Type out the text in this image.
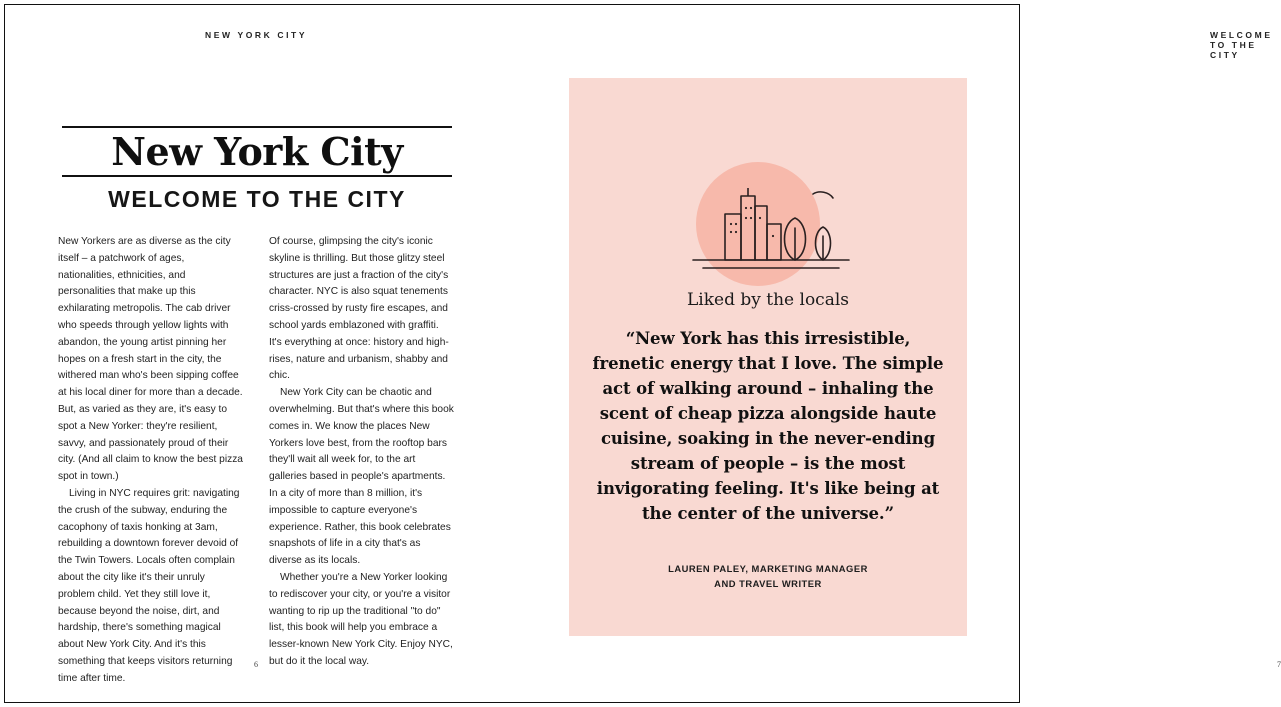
NEW YORK CITY
New York City
WELCOME TO THE CITY

New Yorkers are as diverse as the city itself – a patchwork of ages, nationalities, ethnicities, and personalities that make up this exhilarating metropolis. The cab driver who speeds through yellow lights with abandon, the young artist pinning her hopes on a fresh start in the city, the withered man who's been sipping coffee at his local diner for more than a decade. But, as varied as they are, it's easy to spot a New Yorker: they're resilient, savvy, and passionately proud of their city. (And all claim to know the best pizza spot in town.)

Living in NYC requires grit: navigating the crush of the subway, enduring the cacophony of taxis honking at 3am, rebuilding a downtown forever devoid of the Twin Towers. Locals often complain about the city like it's their unruly problem child. Yet they still love it, because beyond the noise, dirt, and hardship, there's something magical about New York City. And it's this something that keeps visitors returning time after time.

Of course, glimpsing the city's iconic skyline is thrilling. But those glitzy steel structures are just a fraction of the city's character. NYC is also squat tenements criss-crossed by rusty fire escapes, and school yards emblazoned with graffiti. It's everything at once: history and high-rises, nature and urbanism, shabby and chic.

New York City can be chaotic and overwhelming. But that's where this book comes in. We know the places New Yorkers love best, from the rooftop bars they'll wait all week for, to the art galleries based in people's apartments. In a city of more than 8 million, it's impossible to capture everyone's experience. Rather, this book celebrates snapshots of life in a city that's as diverse as its locals.

Whether you're a New Yorker looking to rediscover your city, or you're a visitor wanting to rip up the traditional "to do" list, this book will help you embrace a lesser-known New York City. Enjoy NYC, but do it the local way.

6
WELCOME TO THE CITY
Liked by the locals
“New York has this irresistible, frenetic energy that I love. The simple act of walking around – inhaling the scent of cheap pizza alongside haute cuisine, soaking in the never-ending stream of people – is the most invigorating feeling. It's like being at the center of the universe.”
LAUREN PALEY, MARKETING MANAGER
AND TRAVEL WRITER
7
